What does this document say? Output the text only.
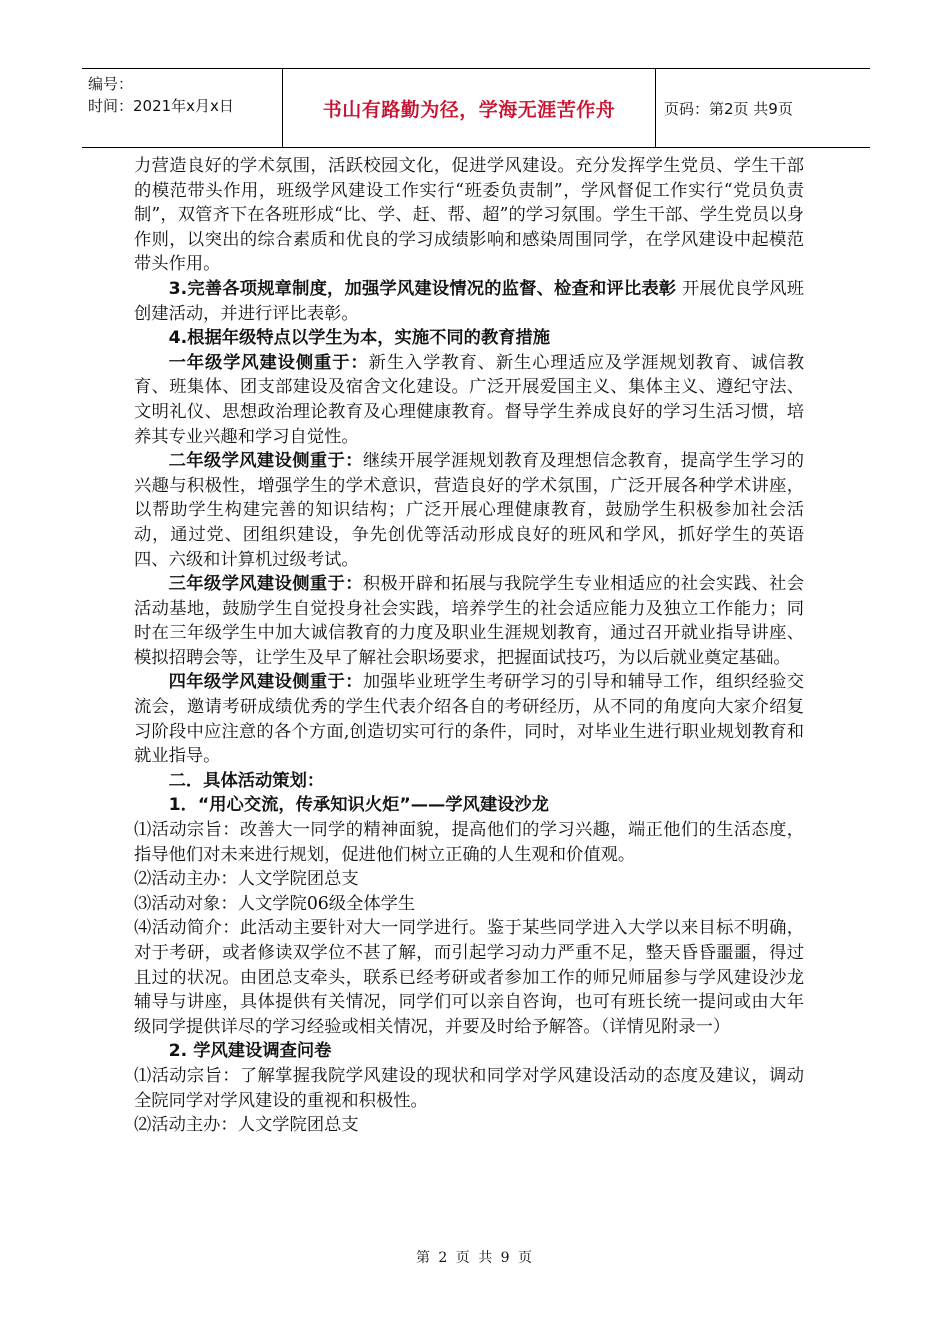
编号：
时间：2021年x月x日	书山有路勤为径，学海无涯苦作舟	页码：第2页 共9页

力营造良好的学术氛围，活跃校园文化，促进学风建设。充分发挥学生党员、学生干部的模范带头作用，班级学风建设工作实行“班委负责制”，学风督促工作实行“党员负责制”，双管齐下在各班形成“比、学、赶、帮、超”的学习氛围。学生干部、学生党员以身作则，以突出的综合素质和优良的学习成绩影响和感染周围同学，在学风建设中起模范带头作用。

3.完善各项规章制度，加强学风建设情况的监督、检查和评比表彰 开展优良学风班创建活动，并进行评比表彰。

4.根据年级特点以学生为本，实施不同的教育措施

一年级学风建设侧重于：新生入学教育、新生心理适应及学涯规划教育、诚信教育、班集体、团支部建设及宿舍文化建设。广泛开展爱国主义、集体主义、遵纪守法、文明礼仪、思想政治理论教育及心理健康教育。督导学生养成良好的学习生活习惯，培养其专业兴趣和学习自觉性。

二年级学风建设侧重于：继续开展学涯规划教育及理想信念教育，提高学生学习的兴趣与积极性，增强学生的学术意识，营造良好的学术氛围，广泛开展各种学术讲座，以帮助学生构建完善的知识结构；广泛开展心理健康教育，鼓励学生积极参加社会活动，通过党、团组织建设，争先创优等活动形成良好的班风和学风，抓好学生的英语四、六级和计算机过级考试。

三年级学风建设侧重于：积极开辟和拓展与我院学生专业相适应的社会实践、社会活动基地，鼓励学生自觉投身社会实践，培养学生的社会适应能力及独立工作能力；同时在三年级学生中加大诚信教育的力度及职业生涯规划教育，通过召开就业指导讲座、模拟招聘会等，让学生及早了解社会职场要求，把握面试技巧，为以后就业奠定基础。

四年级学风建设侧重于：加强毕业班学生考研学习的引导和辅导工作，组织经验交流会，邀请考研成绩优秀的学生代表介绍各自的考研经历，从不同的角度向大家介绍复习阶段中应注意的各个方面,创造切实可行的条件，同时，对毕业生进行职业规划教育和就业指导。

二．具体活动策划：

1．“用心交流，传承知识火炬”——学风建设沙龙

⑴活动宗旨：改善大一同学的精神面貌，提高他们的学习兴趣，端正他们的生活态度，指导他们对未来进行规划，促进他们树立正确的人生观和价值观。

⑵活动主办：人文学院团总支

⑶活动对象：人文学院06级全体学生

⑷活动简介：此活动主要针对大一同学进行。鉴于某些同学进入大学以来目标不明确，对于考研，或者修读双学位不甚了解，而引起学习动力严重不足，整天昏昏噩噩，得过且过的状况。由团总支牵头，联系已经考研或者参加工作的师兄师届参与学风建设沙龙辅导与讲座，具体提供有关情况，同学们可以亲自咨询，也可有班长统一提问或由大年级同学提供详尽的学习经验或相关情况，并要及时给予解答。（详情见附录一）

2. 学风建设调查问卷

⑴活动宗旨：了解掌握我院学风建设的现状和同学对学风建设活动的态度及建议，调动全院同学对学风建设的重视和积极性。

⑵活动主办：人文学院团总支

第 2 页 共 9 页
